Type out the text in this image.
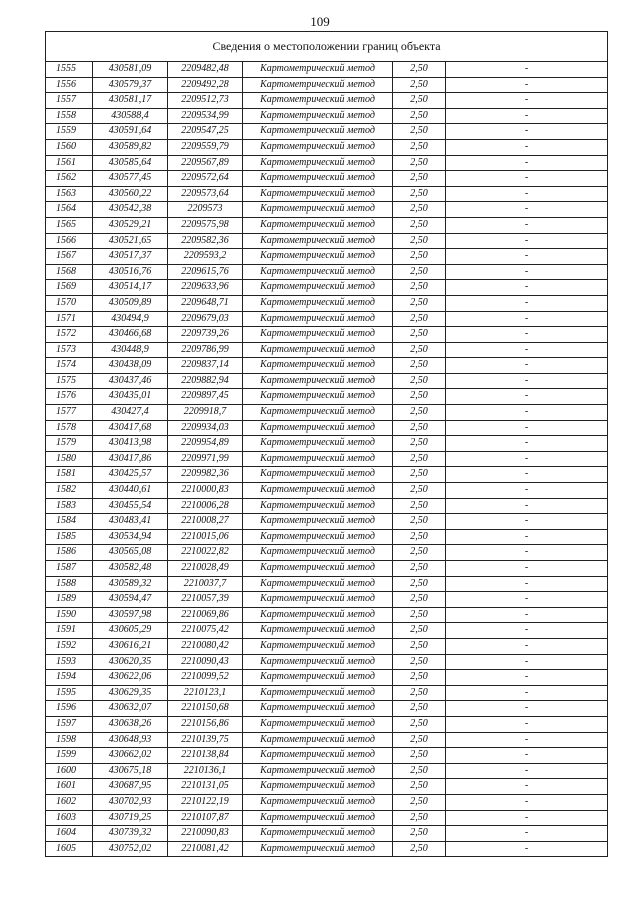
109
Сведения о местоположении границ объекта					
1555	430581,09	2209482,48	Картометрический метод	2,50	-
1556	430579,37	2209492,28	Картометрический метод	2,50	-
1557	430581,17	2209512,73	Картометрический метод	2,50	-
1558	430588,4	2209534,99	Картометрический метод	2,50	-
1559	430591,64	2209547,25	Картометрический метод	2,50	-
1560	430589,82	2209559,79	Картометрический метод	2,50	-
1561	430585,64	2209567,89	Картометрический метод	2,50	-
1562	430577,45	2209572,64	Картометрический метод	2,50	-
1563	430560,22	2209573,64	Картометрический метод	2,50	-
1564	430542,38	2209573	Картометрический метод	2,50	-
1565	430529,21	2209575,98	Картометрический метод	2,50	-
1566	430521,65	2209582,36	Картометрический метод	2,50	-
1567	430517,37	2209593,2	Картометрический метод	2,50	-
1568	430516,76	2209615,76	Картометрический метод	2,50	-
1569	430514,17	2209633,96	Картометрический метод	2,50	-
1570	430509,89	2209648,71	Картометрический метод	2,50	-
1571	430494,9	2209679,03	Картометрический метод	2,50	-
1572	430466,68	2209739,26	Картометрический метод	2,50	-
1573	430448,9	2209786,99	Картометрический метод	2,50	-
1574	430438,09	2209837,14	Картометрический метод	2,50	-
1575	430437,46	2209882,94	Картометрический метод	2,50	-
1576	430435,01	2209897,45	Картометрический метод	2,50	-
1577	430427,4	2209918,7	Картометрический метод	2,50	-
1578	430417,68	2209934,03	Картометрический метод	2,50	-
1579	430413,98	2209954,89	Картометрический метод	2,50	-
1580	430417,86	2209971,99	Картометрический метод	2,50	-
1581	430425,57	2209982,36	Картометрический метод	2,50	-
1582	430440,61	2210000,83	Картометрический метод	2,50	-
1583	430455,54	2210006,28	Картометрический метод	2,50	-
1584	430483,41	2210008,27	Картометрический метод	2,50	-
1585	430534,94	2210015,06	Картометрический метод	2,50	-
1586	430565,08	2210022,82	Картометрический метод	2,50	-
1587	430582,48	2210028,49	Картометрический метод	2,50	-
1588	430589,32	2210037,7	Картометрический метод	2,50	-
1589	430594,47	2210057,39	Картометрический метод	2,50	-
1590	430597,98	2210069,86	Картометрический метод	2,50	-
1591	430605,29	2210075,42	Картометрический метод	2,50	-
1592	430616,21	2210080,42	Картометрический метод	2,50	-
1593	430620,35	2210090,43	Картометрический метод	2,50	-
1594	430622,06	2210099,52	Картометрический метод	2,50	-
1595	430629,35	2210123,1	Картометрический метод	2,50	-
1596	430632,07	2210150,68	Картометрический метод	2,50	-
1597	430638,26	2210156,86	Картометрический метод	2,50	-
1598	430648,93	2210139,75	Картометрический метод	2,50	-
1599	430662,02	2210138,84	Картометрический метод	2,50	-
1600	430675,18	2210136,1	Картометрический метод	2,50	-
1601	430687,95	2210131,05	Картометрический метод	2,50	-
1602	430702,93	2210122,19	Картометрический метод	2,50	-
1603	430719,25	2210107,87	Картометрический метод	2,50	-
1604	430739,32	2210090,83	Картометрический метод	2,50	-
1605	430752,02	2210081,42	Картометрический метод	2,50	-
